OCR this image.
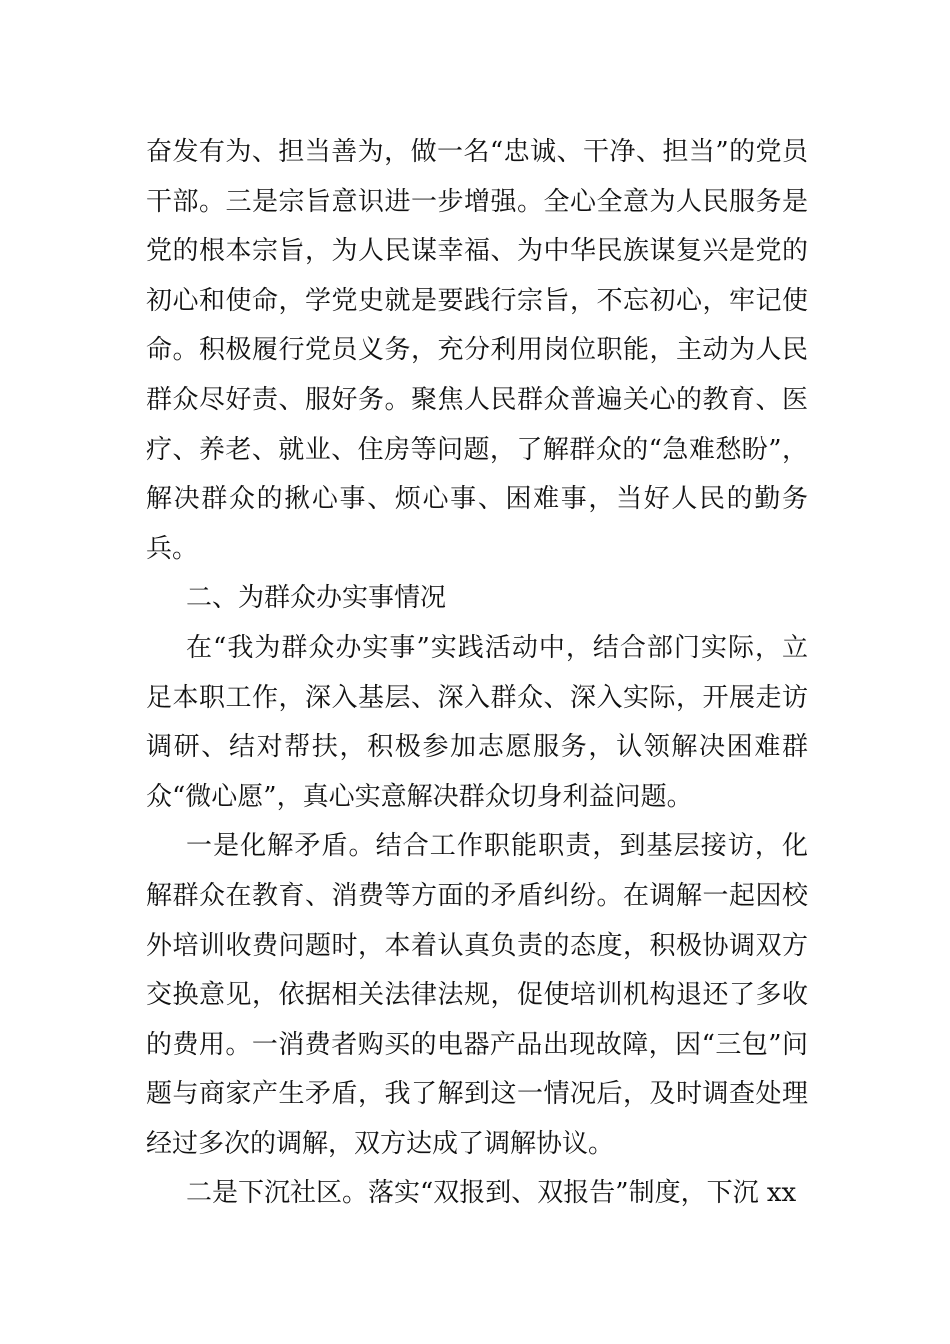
奋发有为、担当善为，做一名“忠诚、干净、担当”的党员干部。三是宗旨意识进一步增强。全心全意为人民服务是党的根本宗旨，为人民谋幸福、为中华民族谋复兴是党的初心和使命，学党史就是要践行宗旨，不忘初心，牢记使命。积极履行党员义务，充分利用岗位职能，主动为人民群众尽好责、服好务。聚焦人民群众普遍关心的教育、医疗、养老、就业、住房等问题，了解群众的“急难愁盼”，解决群众的揪心事、烦心事、困难事，当好人民的勤务兵。

二、为群众办实事情况

在“我为群众办实事”实践活动中，结合部门实际，立足本职工作，深入基层、深入群众、深入实际，开展走访调研、结对帮扶，积极参加志愿服务，认领解决困难群众“微心愿”，真心实意解决群众切身利益问题。

一是化解矛盾。结合工作职能职责，到基层接访，化解群众在教育、消费等方面的矛盾纠纷。在调解一起因校外培训收费问题时，本着认真负责的态度，积极协调双方交换意见，依据相关法律法规，促使培训机构退还了多收的费用。一消费者购买的电器产品出现故障，因“三包”问题与商家产生矛盾，我了解到这一情况后，及时调查处理经过多次的调解，双方达成了调解协议。

二是下沉社区。落实“双报到、双报告”制度，下沉 xx
